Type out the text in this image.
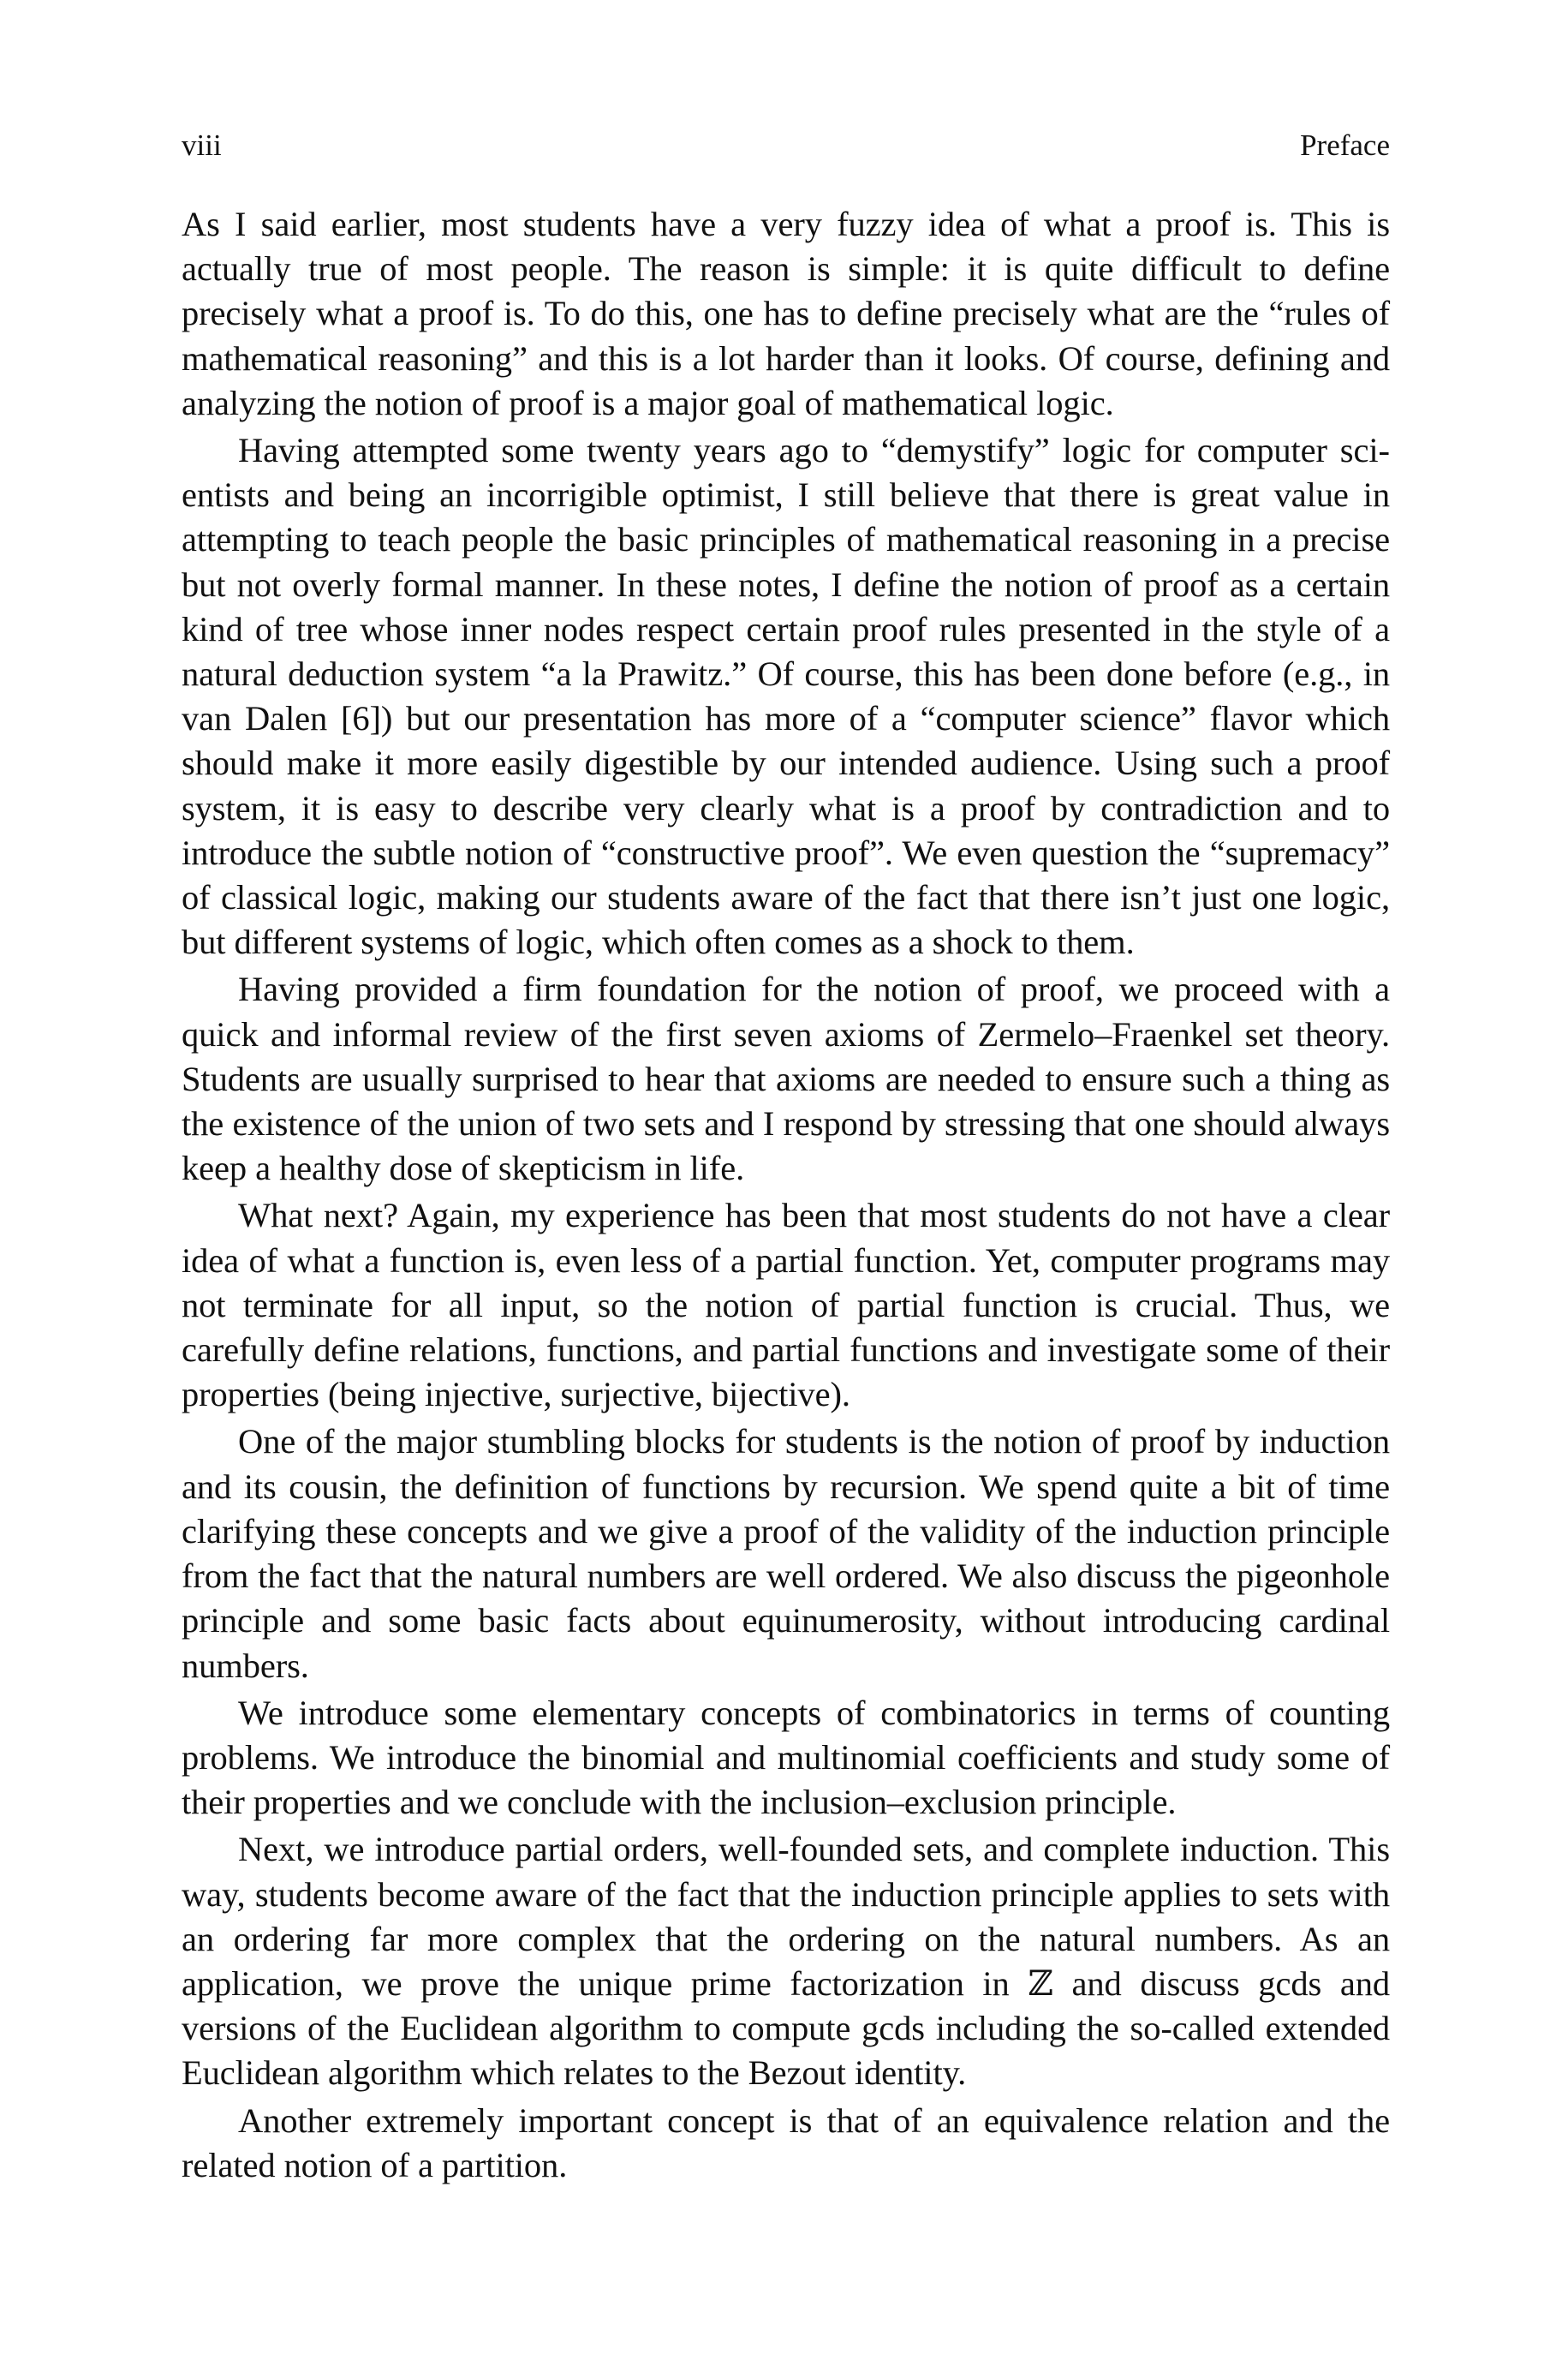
viii	Preface

As I said earlier, most students have a very fuzzy idea of what a proof is. This is actually true of most people. The reason is simple: it is quite difficult to define precisely what a proof is. To do this, one has to define precisely what are the “rules of mathematical reasoning” and this is a lot harder than it looks. Of course, defining and analyzing the notion of proof is a major goal of mathematical logic.

Having attempted some twenty years ago to “demystify” logic for computer scientists and being an incorrigible optimist, I still believe that there is great value in attempting to teach people the basic principles of mathematical reasoning in a precise but not overly formal manner. In these notes, I define the notion of proof as a certain kind of tree whose inner nodes respect certain proof rules presented in the style of a natural deduction system “a la Prawitz.” Of course, this has been done before (e.g., in van Dalen [6]) but our presentation has more of a “computer science” flavor which should make it more easily digestible by our intended audience. Using such a proof system, it is easy to describe very clearly what is a proof by contradiction and to introduce the subtle notion of “constructive proof”. We even question the “supremacy” of classical logic, making our students aware of the fact that there isn’t just one logic, but different systems of logic, which often comes as a shock to them.

Having provided a firm foundation for the notion of proof, we proceed with a quick and informal review of the first seven axioms of Zermelo–Fraenkel set theory. Students are usually surprised to hear that axioms are needed to ensure such a thing as the existence of the union of two sets and I respond by stressing that one should always keep a healthy dose of skepticism in life.

What next? Again, my experience has been that most students do not have a clear idea of what a function is, even less of a partial function. Yet, computer programs may not terminate for all input, so the notion of partial function is crucial. Thus, we carefully define relations, functions, and partial functions and investigate some of their properties (being injective, surjective, bijective).

One of the major stumbling blocks for students is the notion of proof by induction and its cousin, the definition of functions by recursion. We spend quite a bit of time clarifying these concepts and we give a proof of the validity of the induction principle from the fact that the natural numbers are well ordered. We also discuss the pigeonhole principle and some basic facts about equinumerosity, without introducing cardinal numbers.

We introduce some elementary concepts of combinatorics in terms of counting problems. We introduce the binomial and multinomial coefficients and study some of their properties and we conclude with the inclusion–exclusion principle.

Next, we introduce partial orders, well-founded sets, and complete induction. This way, students become aware of the fact that the induction principle applies to sets with an ordering far more complex that the ordering on the natural numbers. As an application, we prove the unique prime factorization in ℤ and discuss gcds and versions of the Euclidean algorithm to compute gcds including the so-called extended Euclidean algorithm which relates to the Bezout identity.

Another extremely important concept is that of an equivalence relation and the related notion of a partition.
